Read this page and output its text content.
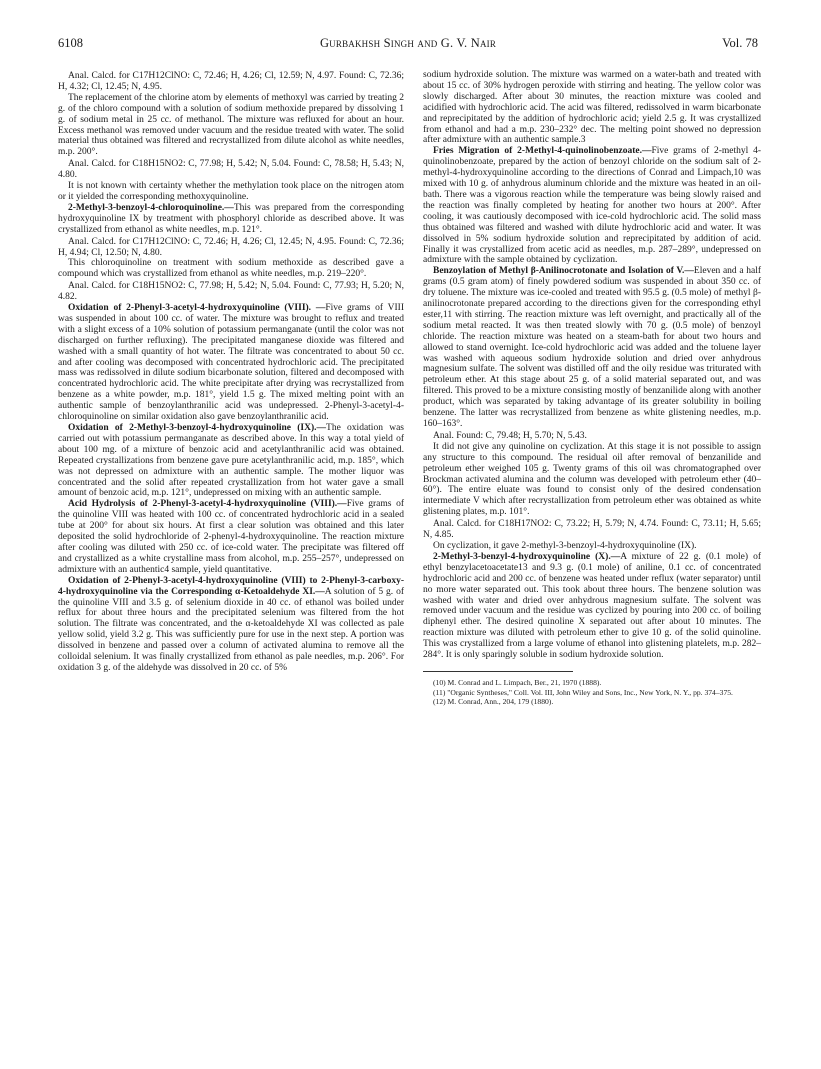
6108	Gurbakhsh Singh and G. V. Nair	Vol. 78

Anal. Calcd. for C17H12ClNO: C, 72.46; H, 4.26; Cl, 12.59; N, 4.97. Found: C, 72.36; H, 4.32; Cl, 12.45; N, 4.95.

The replacement of the chlorine atom by elements of methoxyl was carried by treating 2 g. of the chloro compound with a solution of sodium methoxide prepared by dissolving 1 g. of sodium metal in 25 cc. of methanol. The mixture was refluxed for about an hour. Excess methanol was removed under vacuum and the residue treated with water. The solid material thus obtained was filtered and recrystallized from dilute alcohol as white needles, m.p. 200°.

Anal. Calcd. for C18H15NO2: C, 77.98; H, 5.42; N, 5.04. Found: C, 78.58; H, 5.43; N, 4.80.

It is not known with certainty whether the methylation took place on the nitrogen atom or it yielded the corresponding methoxyquinoline.

2-Methyl-3-benzoyl-4-chloroquinoline.—This was prepared from the corresponding hydroxyquinoline IX by treatment with phosphoryl chloride as described above. It was crystallized from ethanol as white needles, m.p. 121°.

Anal. Calcd. for C17H12ClNO: C, 72.46; H, 4.26; Cl, 12.45; N, 4.95. Found: C, 72.36; H, 4.94; Cl, 12.50; N, 4.80.

This chloroquinoline on treatment with sodium methoxide as described gave a compound which was crystallized from ethanol as white needles, m.p. 219–220°.

Anal. Calcd. for C18H15NO2: C, 77.98; H, 5.42; N, 5.04. Found: C, 77.93; H, 5.20; N, 4.82.

Oxidation of 2-Phenyl-3-acetyl-4-hydroxyquinoline (VIII). —Five grams of VIII was suspended in about 100 cc. of water. The mixture was brought to reflux and treated with a slight excess of a 10% solution of potassium permanganate (until the color was not discharged on further refluxing). The precipitated manganese dioxide was filtered and washed with a small quantity of hot water. The filtrate was concentrated to about 50 cc. and after cooling was decomposed with concentrated hydrochloric acid. The precipitated mass was redissolved in dilute sodium bicarbonate solution, filtered and decomposed with concentrated hydrochloric acid. The white precipitate after drying was recrystallized from benzene as a white powder, m.p. 181°, yield 1.5 g. The mixed melting point with an authentic sample of benzoylanthranilic acid was undepressed. 2-Phenyl-3-acetyl-4-chloroquinoline on similar oxidation also gave benzoylanthranilic acid.

Oxidation of 2-Methyl-3-benzoyl-4-hydroxyquinoline (IX).—The oxidation was carried out with potassium permanganate as described above. In this way a total yield of about 100 mg. of a mixture of benzoic acid and acetylanthranilic acid was obtained. Repeated crystallizations from benzene gave pure acetylanthranilic acid, m.p. 185°, which was not depressed on admixture with an authentic sample. The mother liquor was concentrated and the solid after repeated crystallization from hot water gave a small amount of benzoic acid, m.p. 121°, undepressed on mixing with an authentic sample.

Acid Hydrolysis of 2-Phenyl-3-acetyl-4-hydroxyquinoline (VIII).—Five grams of the quinoline VIII was heated with 100 cc. of concentrated hydrochloric acid in a sealed tube at 200° for about six hours. At first a clear solution was obtained and this later deposited the solid hydrochloride of 2-phenyl-4-hydroxyquinoline. The reaction mixture after cooling was diluted with 250 cc. of ice-cold water. The precipitate was filtered off and crystallized as a white crystalline mass from alcohol, m.p. 255–257°, undepressed on admixture with an authentic4 sample, yield quantitative.

Oxidation of 2-Phenyl-3-acetyl-4-hydroxyquinoline (VIII) to 2-Phenyl-3-carboxy-4-hydroxyquinoline via the Corresponding α-Ketoaldehyde XI.—A solution of 5 g. of the quinoline VIII and 3.5 g. of selenium dioxide in 40 cc. of ethanol was boiled under reflux for about three hours and the precipitated selenium was filtered from the hot solution. The filtrate was concentrated, and the α-ketoaldehyde XI was collected as pale yellow solid, yield 3.2 g. This was sufficiently pure for use in the next step. A portion was dissolved in benzene and passed over a column of activated alumina to remove all the colloidal selenium. It was finally crystallized from ethanol as pale needles, m.p. 206°. For oxidation 3 g. of the aldehyde was dissolved in 20 cc. of 5%

sodium hydroxide solution. The mixture was warmed on a water-bath and treated with about 15 cc. of 30% hydrogen peroxide with stirring and heating. The yellow color was slowly discharged. After about 30 minutes, the reaction mixture was cooled and acidified with hydrochloric acid. The acid was filtered, redissolved in warm bicarbonate and reprecipitated by the addition of hydrochloric acid; yield 2.5 g. It was crystallized from ethanol and had a m.p. 230–232° dec. The melting point showed no depression after admixture with an authentic sample.3

Fries Migration of 2-Methyl-4-quinolinobenzoate.—Five grams of 2-methyl 4-quinolinobenzoate, prepared by the action of benzoyl chloride on the sodium salt of 2-methyl-4-hydroxyquinoline according to the directions of Conrad and Limpach,10 was mixed with 10 g. of anhydrous aluminum chloride and the mixture was heated in an oil-bath. There was a vigorous reaction while the temperature was being slowly raised and the reaction was finally completed by heating for another two hours at 200°. After cooling, it was cautiously decomposed with ice-cold hydrochloric acid. The solid mass thus obtained was filtered and washed with dilute hydrochloric acid and water. It was dissolved in 5% sodium hydroxide solution and reprecipitated by addition of acid. Finally it was crystallized from acetic acid as needles, m.p. 287–289°, undepressed on admixture with the sample obtained by cyclization.

Benzoylation of Methyl β-Anilinocrotonate and Isolation of V.—Eleven and a half grams (0.5 gram atom) of finely powdered sodium was suspended in about 350 cc. of dry toluene. The mixture was ice-cooled and treated with 95.5 g. (0.5 mole) of methyl β-anilinocrotonate prepared according to the directions given for the corresponding ethyl ester,11 with stirring. The reaction mixture was left overnight, and practically all of the sodium metal reacted. It was then treated slowly with 70 g. (0.5 mole) of benzoyl chloride. The reaction mixture was heated on a steam-bath for about two hours and allowed to stand overnight. Ice-cold hydrochloric acid was added and the toluene layer was washed with aqueous sodium hydroxide solution and dried over anhydrous magnesium sulfate. The solvent was distilled off and the oily residue was triturated with petroleum ether. At this stage about 25 g. of a solid material separated out, and was filtered. This proved to be a mixture consisting mostly of benzanilide along with another product, which was separated by taking advantage of its greater solubility in boiling benzene. The latter was recrystallized from benzene as white glistening needles, m.p. 160–163°.

Anal. Found: C, 79.48; H, 5.70; N, 5.43.

It did not give any quinoline on cyclization. At this stage it is not possible to assign any structure to this compound. The residual oil after removal of benzanilide and petroleum ether weighed 105 g. Twenty grams of this oil was chromatographed over Brockman activated alumina and the column was developed with petroleum ether (40–60°). The entire eluate was found to consist only of the desired condensation intermediate V which after recrystallization from petroleum ether was obtained as white glistening plates, m.p. 101°.

Anal. Calcd. for C18H17NO2: C, 73.22; H, 5.79; N, 4.74. Found: C, 73.11; H, 5.65; N, 4.85.

On cyclization, it gave 2-methyl-3-benzoyl-4-hydroxyquinoline (IX).

2-Methyl-3-benzyl-4-hydroxyquinoline (X).—A mixture of 22 g. (0.1 mole) of ethyl benzylacetoacetate13 and 9.3 g. (0.1 mole) of aniline, 0.1 cc. of concentrated hydrochloric acid and 200 cc. of benzene was heated under reflux (water separator) until no more water separated out. This took about three hours. The benzene solution was washed with water and dried over anhydrous magnesium sulfate. The solvent was removed under vacuum and the residue was cyclized by pouring into 200 cc. of boiling diphenyl ether. The desired quinoline X separated out after about 10 minutes. The reaction mixture was diluted with petroleum ether to give 10 g. of the solid quinoline. This was crystallized from a large volume of ethanol into glistening platelets, m.p. 282–284°. It is only sparingly soluble in sodium hydroxide solution.

(10) M. Conrad and L. Limpach, Ber., 21, 1970 (1888).

(11) "Organic Syntheses," Coll. Vol. III, John Wiley and Sons, Inc., New York, N. Y., pp. 374–375.

(12) M. Conrad, Ann., 204, 179 (1880).
